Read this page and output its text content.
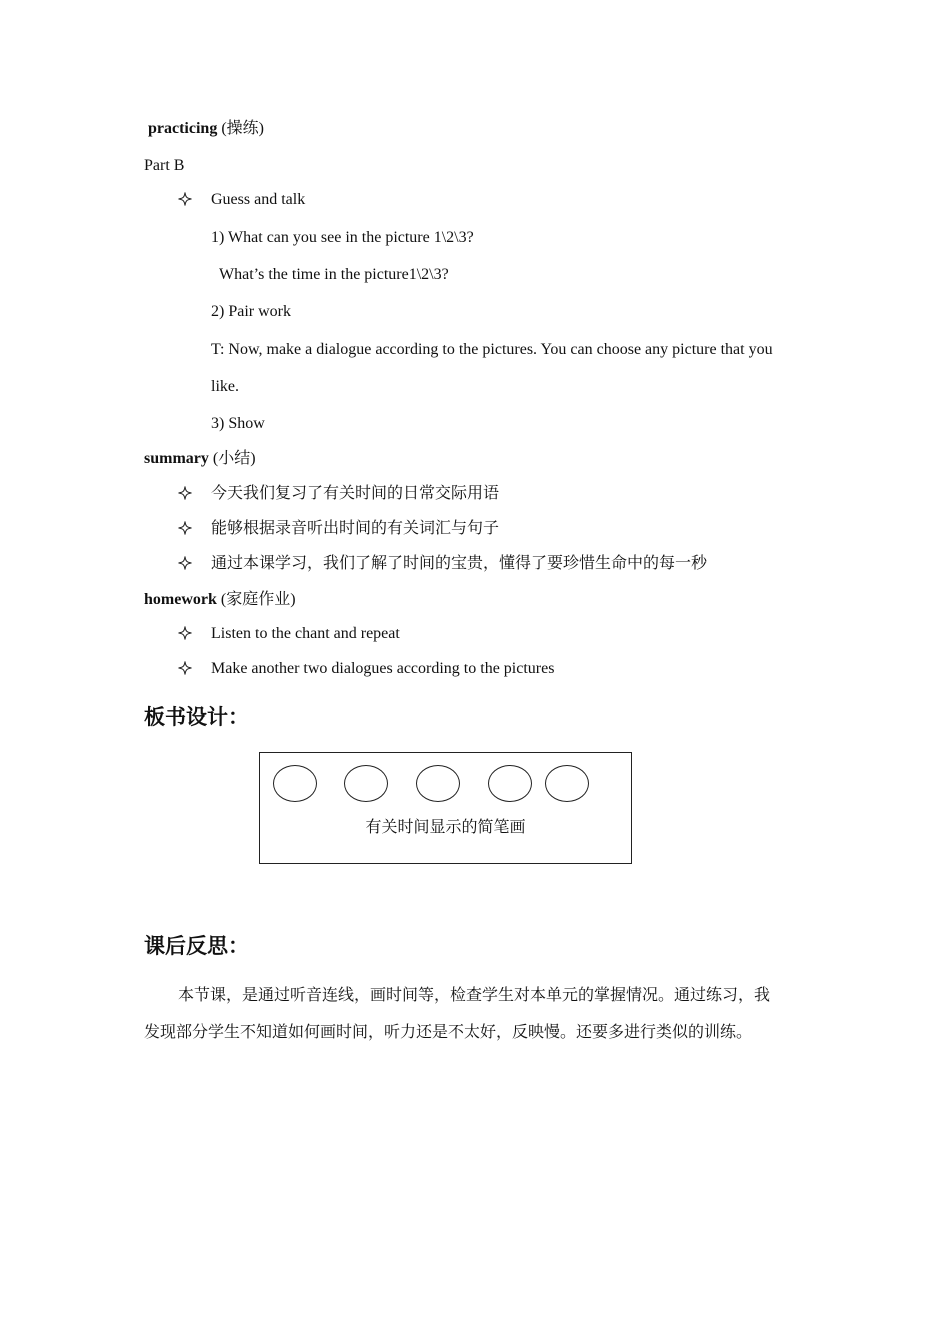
practicing (操练)
Part B
Guess and talk
1) What can you see in the picture 1\2\3?
What’s the time in the picture1\2\3?
2) Pair work
T: Now, make a dialogue according to the pictures. You can choose any picture that you
like.
3) Show
summary (小结)
今天我们复习了有关时间的日常交际用语
能够根据录音听出时间的有关词汇与句子
通过本课学习，我们了解了时间的宝贵，懂得了要珍惜生命中的每一秒
homework (家庭作业)
Listen to the chant and repeat
Make another two dialogues according to the pictures
板书设计：
有关时间显示的简笔画
课后反思：
本节课，是通过听音连线，画时间等，检查学生对本单元的掌握情况。通过练习，我
发现部分学生不知道如何画时间，听力还是不太好，反映慢。还要多进行类似的训练。
